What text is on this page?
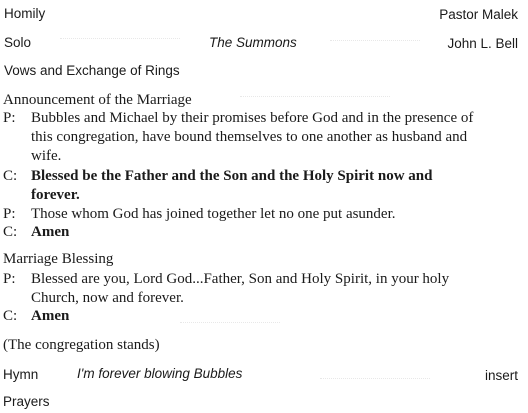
Homily	Pastor Malek
Solo	The Summons	John L. Bell
Vows and Exchange of Rings
Announcement of the Marriage
P:	Bubbles and Michael by their promises before God and in the presence of
this congregation, have bound themselves to one another as husband and
wife.
C: Blessed be the Father and the Son and the Holy Spirit now and
forever.
P:	Those whom God has joined together let no one put asunder.
C: Amen
Marriage Blessing
P:	Blessed are you, Lord God...Father, Son and Holy Spirit, in your holy
Church, now and forever.
C: Amen
(The congregation stands)
Hymn	I'm forever blowing Bubbles	insert
Prayers
